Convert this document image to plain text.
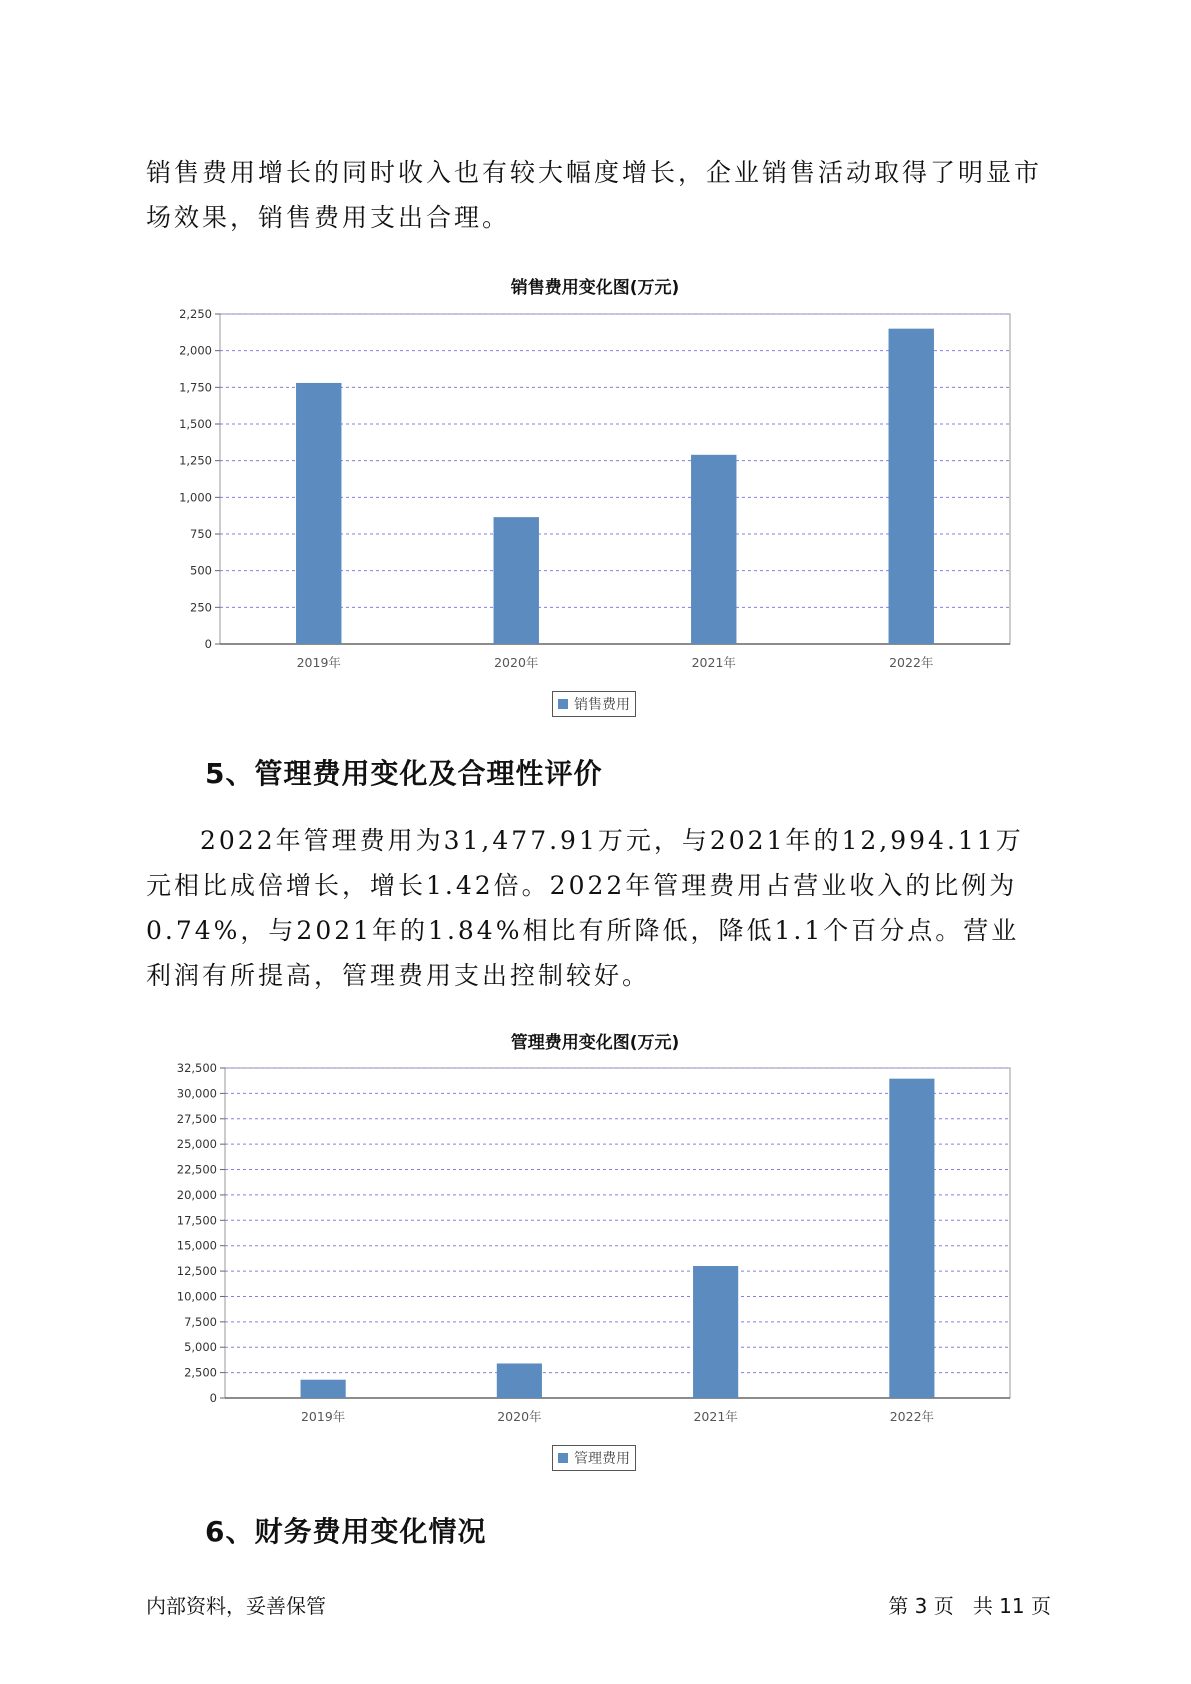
销售费用增长的同时收入也有较大幅度增长，企业销售活动取得了明显市场效果，销售费用支出合理。

销售费用变化图(万元)
0
250
500
750
1,000
1,250
1,500
1,750
2,000
2,250
2019年	2020年	2021年	2022年
销售费用
5、管理费用变化及合理性评价

2022年管理费用为31,477.91万元，与2021年的12,994.11万元相比成倍增长，增长1.42倍。2022年管理费用占营业收入的比例为0.74%，与2021年的1.84%相比有所降低，降低1.1个百分点。营业利润有所提高，管理费用支出控制较好。

管理费用变化图(万元)
0
2,500
5,000
7,500
10,000
12,500
15,000
17,500
20,000
22,500
25,000
27,500
30,000
32,500
2019年	2020年	2021年	2022年
管理费用
6、财务费用变化情况
内部资料，妥善保管	第 3 页   共 11 页
